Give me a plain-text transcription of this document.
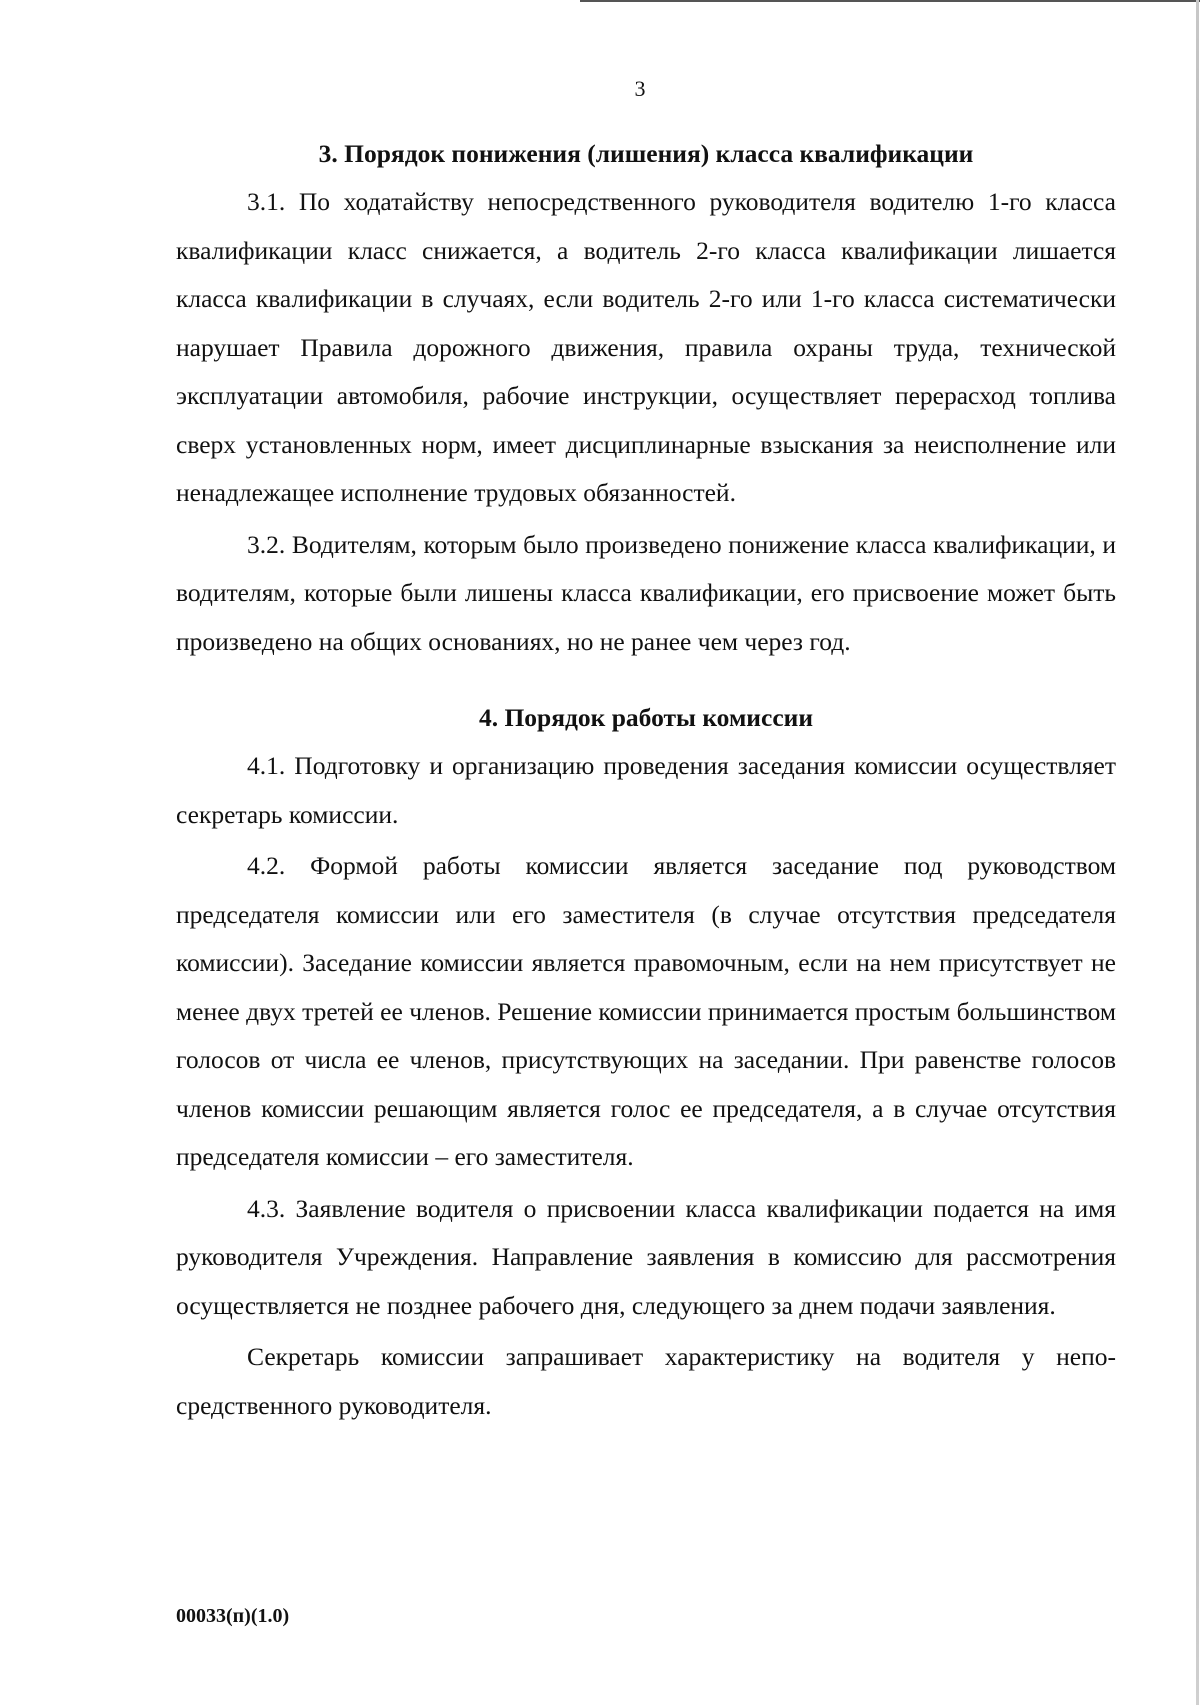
3
3. Порядок понижения (лишения) класса квалификации

3.1. По ходатайству непосредственного руководителя водителю 1-го класса квалификации класс снижается, а водитель 2-го класса квалификации лишается класса квалификации в случаях, если водитель 2-го или 1-го класса систематически нарушает Правила дорожного движения, правила охраны труда, технической эксплуатации автомобиля, рабочие инструкции, осуществляет перерасход топлива сверх установленных норм, имеет дисциплинарные взыскания за неисполнение или ненадлежащее исполнение трудовых обязанностей.

3.2. Водителям, которым было произведено понижение класса квалификации, и водителям, которые были лишены класса квалификации, его присвоение может быть произведено на общих основаниях, но не ранее чем через год.

4. Порядок работы комиссии

4.1. Подготовку и организацию проведения заседания комиссии осуществляет секретарь комиссии.

4.2. Формой работы комиссии является заседание под руководством председателя комиссии или его заместителя (в случае отсутствия председателя комиссии). Заседание комиссии является правомочным, если на нем присутствует не менее двух третей ее членов. Решение комиссии принимается простым большинством голосов от числа ее членов, присутствующих на заседании. При равенстве голосов членов комиссии решающим является голос ее председателя, а в случае отсутствия председателя комиссии – его заместителя.

4.3. Заявление водителя о присвоении класса квалификации подается на имя руководителя Учреждения. Направление заявления в комиссию для рассмотрения осуществляется не позднее рабочего дня, следующего за днем подачи заявления.

Секретарь комиссии запрашивает характеристику на водителя у непосредственного руководителя.

00033(п)(1.0)
